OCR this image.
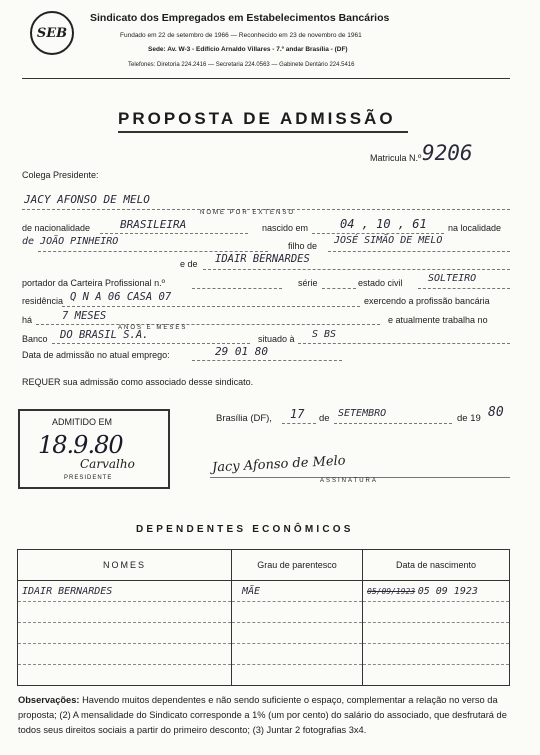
SEB
Sindicato dos Empregados em Estabelecimentos Bancários
Fundado em 22 de setembro de 1966 — Reconhecido em 23 de novembro de 1961
Sede: Av. W-3 - Edifício Arnaldo Villares - 7.º andar Brasília - (DF)
Telefones: Diretoria 224.2416 — Secretaria 224.0563 — Gabinete Dentário 224.5416
PROPOSTA DE ADMISSÃO
Matricula N.º 9206
Colega Presidente:
JACY AFONSO DE MELO
NOME POR EXTENSO
de nacionalidade	BRASILEIRA	nascido em	04 , 10 , 61 na localidade
de JOÃO PINHEIRO	filho de JOSÉ SIMÃO DE MELO
e de IDAIR BERNARDES
portador da Carteira Profissional n.º	série	estado civil	SOLTEIRO
residência Q N A 06 CASA 07	exercendo a profissão bancária
há	7 MESES
ANOS E MESES
e atualmente trabalha no
Banco DO BRASIL S.A.	situado à S BS
Data de admissão no atual emprego:	29 01 80
REQUER sua admissão como associado desse sindicato.
ADMITIDO EM
18.9.80
Carvalho
PRESIDENTE
Brasília (DF), 17 de SETEMBRO	de 19 80
Jacy Afonso de Melo
ASSINATURA
DEPENDENTES ECONÔMICOS
NOMES	Grau de parentesco	Data de nascimento
IDAIR BERNARDES	MÃE	05/09/1923 05 09 1923

Observações: Havendo muitos dependentes e não sendo suficiente o espaço, complementar a relação no verso da proposta; (2) A mensalidade do Sindicato corresponde a 1% (um por cento) do salário do associado, que desfrutará de todos seus direitos sociais a partir do primeiro desconto; (3) Juntar 2 fotografias 3x4.
